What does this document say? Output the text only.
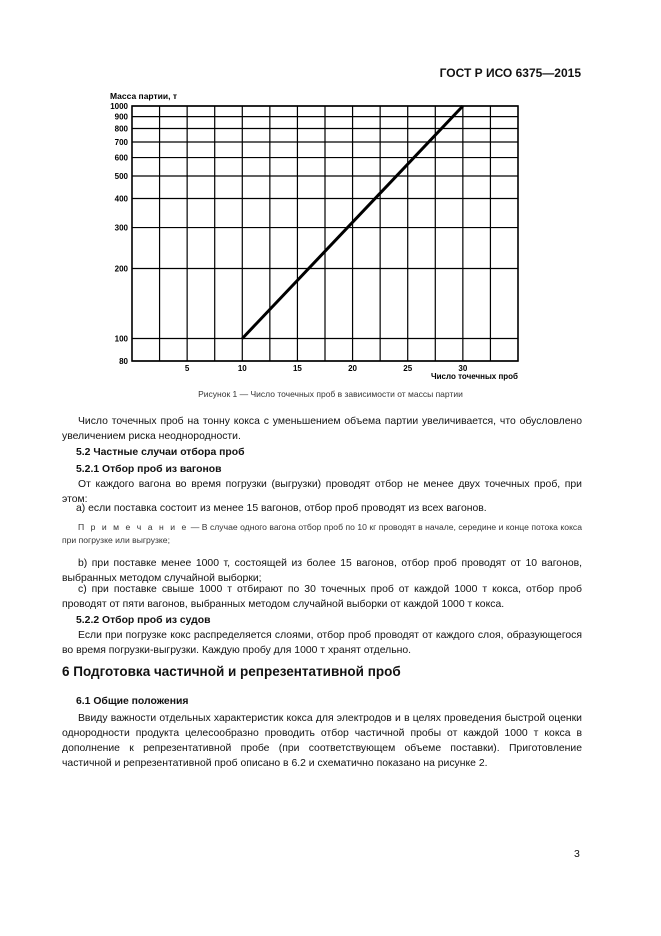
ГОСТ Р ИСО 6375—2015
Масса партии, т
80
100
200
300
400
500
600
700
800
900
1000
5	10	15	20	25	30
Число точечных проб
Рисунок 1 — Число точечных проб в зависимости от массы партии

Число точечных проб на тонну кокса с уменьшением объема партии увеличивается, что обусловлено увеличением риска неоднородности.

5.2 Частные случаи отбора проб
5.2.1 Отбор проб из вагонов

От каждого вагона во время погрузки (выгрузки) проводят отбор не менее двух точечных проб, при этом:

а) если поставка состоит из менее 15 вагонов, отбор проб проводят из всех вагонов.

П р и м е ч а н и е — В случае одного вагона отбор проб по 10 кг проводят в начале, середине и конце потока кокса при погрузке или выгрузке;

b) при поставке менее 1000 т, состоящей из более 15 вагонов, отбор проб проводят от 10 вагонов, выбранных методом случайной выборки;

c) при поставке свыше 1000 т отбирают по 30 точечных проб от каждой 1000 т кокса, отбор проб проводят от пяти вагонов, выбранных методом случайной выборки от каждой 1000 т кокса.

5.2.2 Отбор проб из судов

Если при погрузке кокс распределяется слоями, отбор проб проводят от каждого слоя, образующегося во время погрузки-выгрузки. Каждую пробу для 1000 т хранят отдельно.

6 Подготовка частичной и репрезентативной проб
6.1 Общие положения

Ввиду важности отдельных характеристик кокса для электродов и в целях проведения быстрой оценки однородности продукта целесообразно проводить отбор частичной пробы от каждой 1000 т кокса в дополнение к репрезентативной пробе (при соответствующем объеме поставки). Приготовление частичной и репрезентативной проб описано в 6.2 и схематично показано на рисунке 2.

3
